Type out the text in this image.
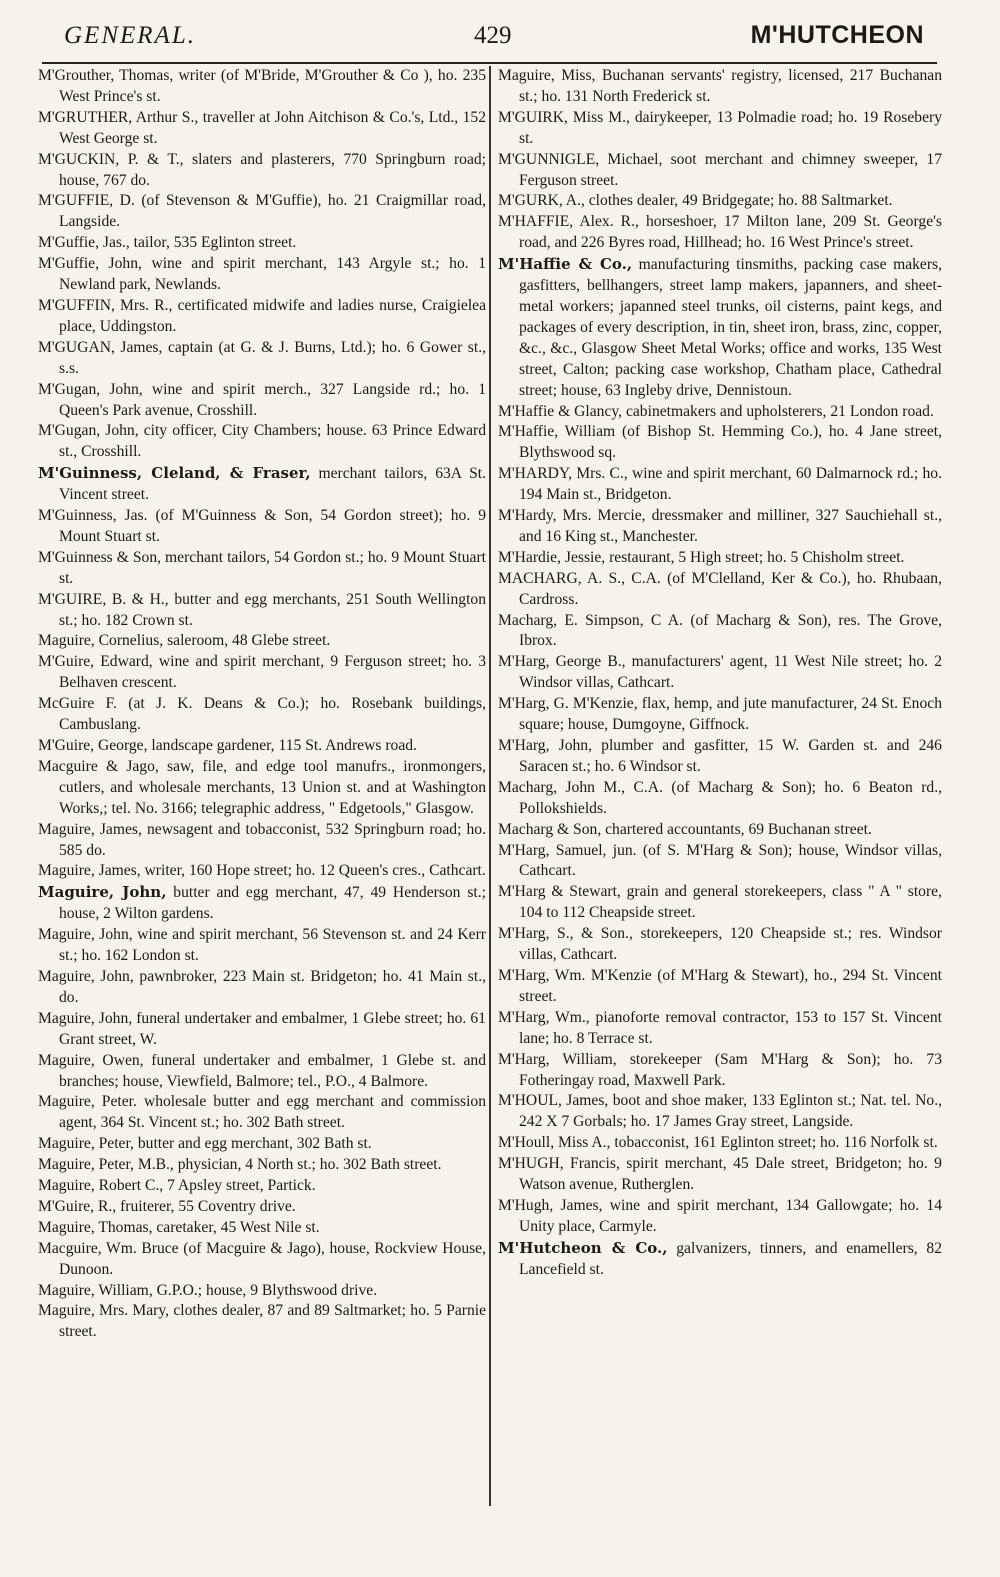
GENERAL.	429	M'HUTCHEON

M'Grouther, Thomas, writer (of M'Bride, M'Grouther & Co ), ho. 235 West Prince's st.

M'GRUTHER, Arthur S., traveller at John Aitchison & Co.'s, Ltd., 152 West George st.

M'GUCKIN, P. & T., slaters and plasterers, 770 Springburn road; house, 767 do.

M'GUFFIE, D. (of Stevenson & M'Guffie), ho. 21 Craigmillar road, Langside.

M'Guffie, Jas., tailor, 535 Eglinton street.

M'Guffie, John, wine and spirit merchant, 143 Argyle st.; ho. 1 Newland park, Newlands.

M'GUFFIN, Mrs. R., certificated midwife and ladies nurse, Craigielea place, Uddingston.

M'GUGAN, James, captain (at G. & J. Burns, Ltd.); ho. 6 Gower st., s.s.

M'Gugan, John, wine and spirit merch., 327 Langside rd.; ho. 1 Queen's Park avenue, Crosshill.

M'Gugan, John, city officer, City Chambers; house. 63 Prince Edward st., Crosshill.

M'Guinness, Cleland, & Fraser, merchant tailors, 63A St. Vincent street.

M'Guinness, Jas. (of M'Guinness & Son, 54 Gordon street); ho. 9 Mount Stuart st.

M'Guinness & Son, merchant tailors, 54 Gordon st.; ho. 9 Mount Stuart st.

M'GUIRE, B. & H., butter and egg merchants, 251 South Wellington st.; ho. 182 Crown st.

Maguire, Cornelius, saleroom, 48 Glebe street.

M'Guire, Edward, wine and spirit merchant, 9 Ferguson street; ho. 3 Belhaven crescent.

McGuire F. (at J. K. Deans & Co.); ho. Rosebank buildings, Cambuslang.

M'Guire, George, landscape gardener, 115 St. Andrews road.

Macguire & Jago, saw, file, and edge tool manufrs., ironmongers, cutlers, and wholesale merchants, 13 Union st. and at Washington Works,; tel. No. 3166; telegraphic address, " Edgetools," Glasgow.

Maguire, James, newsagent and tobacconist, 532 Springburn road; ho. 585 do.

Maguire, James, writer, 160 Hope street; ho. 12 Queen's cres., Cathcart.

Maguire, John, butter and egg merchant, 47, 49 Henderson st.; house, 2 Wilton gardens.

Maguire, John, wine and spirit merchant, 56 Stevenson st. and 24 Kerr st.; ho. 162 London st.

Maguire, John, pawnbroker, 223 Main st. Bridgeton; ho. 41 Main st., do.

Maguire, John, funeral undertaker and embalmer, 1 Glebe street; ho. 61 Grant street, W.

Maguire, Owen, funeral undertaker and embalmer, 1 Glebe st. and branches; house, Viewfield, Balmore; tel., P.O., 4 Balmore.

Maguire, Peter. wholesale butter and egg merchant and commission agent, 364 St. Vincent st.; ho. 302 Bath street.

Maguire, Peter, butter and egg merchant, 302 Bath st.

Maguire, Peter, M.B., physician, 4 North st.; ho. 302 Bath street.

Maguire, Robert C., 7 Apsley street, Partick.

M'Guire, R., fruiterer, 55 Coventry drive.

Maguire, Thomas, caretaker, 45 West Nile st.

Macguire, Wm. Bruce (of Macguire & Jago), house, Rockview House, Dunoon.

Maguire, William, G.P.O.; house, 9 Blythswood drive.

Maguire, Mrs. Mary, clothes dealer, 87 and 89 Saltmarket; ho. 5 Parnie street.

Maguire, Miss, Buchanan servants' registry, licensed, 217 Buchanan st.; ho. 131 North Frederick st.

M'GUIRK, Miss M., dairykeeper, 13 Polmadie road; ho. 19 Rosebery st.

M'GUNNIGLE, Michael, soot merchant and chimney sweeper, 17 Ferguson street.

M'GURK, A., clothes dealer, 49 Bridgegate; ho. 88 Saltmarket.

M'HAFFIE, Alex. R., horseshoer, 17 Milton lane, 209 St. George's road, and 226 Byres road, Hillhead; ho. 16 West Prince's street.

M'Haffie & Co., manufacturing tinsmiths, packing case makers, gasfitters, bellhangers, street lamp makers, japanners, and sheet-metal workers; japanned steel trunks, oil cisterns, paint kegs, and packages of every description, in tin, sheet iron, brass, zinc, copper, &c., &c., Glasgow Sheet Metal Works; office and works, 135 West street, Calton; packing case workshop, Chatham place, Cathedral street; house, 63 Ingleby drive, Dennistoun.

M'Haffie & Glancy, cabinetmakers and upholsterers, 21 London road.

M'Haffie, William (of Bishop St. Hemming Co.), ho. 4 Jane street, Blythswood sq.

M'HARDY, Mrs. C., wine and spirit merchant, 60 Dalmarnock rd.; ho. 194 Main st., Bridgeton.

M'Hardy, Mrs. Mercie, dressmaker and milliner, 327 Sauchiehall st., and 16 King st., Manchester.

M'Hardie, Jessie, restaurant, 5 High street; ho. 5 Chisholm street.

MACHARG, A. S., C.A. (of M'Clelland, Ker & Co.), ho. Rhubaan, Cardross.

Macharg, E. Simpson, C A. (of Macharg & Son), res. The Grove, Ibrox.

M'Harg, George B., manufacturers' agent, 11 West Nile street; ho. 2 Windsor villas, Cathcart.

M'Harg, G. M'Kenzie, flax, hemp, and jute manufacturer, 24 St. Enoch square; house, Dumgoyne, Giffnock.

M'Harg, John, plumber and gasfitter, 15 W. Garden st. and 246 Saracen st.; ho. 6 Windsor st.

Macharg, John M., C.A. (of Macharg & Son); ho. 6 Beaton rd., Pollokshields.

Macharg & Son, chartered accountants, 69 Buchanan street.

M'Harg, Samuel, jun. (of S. M'Harg & Son); house, Windsor villas, Cathcart.

M'Harg & Stewart, grain and general storekeepers, class " A " store, 104 to 112 Cheapside street.

M'Harg, S., & Son., storekeepers, 120 Cheapside st.; res. Windsor villas, Cathcart.

M'Harg, Wm. M'Kenzie (of M'Harg & Stewart), ho., 294 St. Vincent street.

M'Harg, Wm., pianoforte removal contractor, 153 to 157 St. Vincent lane; ho. 8 Terrace st.

M'Harg, William, storekeeper (Sam M'Harg & Son); ho. 73 Fotheringay road, Maxwell Park.

M'HOUL, James, boot and shoe maker, 133 Eglinton st.; Nat. tel. No., 242 X 7 Gorbals; ho. 17 James Gray street, Langside.

M'Houll, Miss A., tobacconist, 161 Eglinton street; ho. 116 Norfolk st.

M'HUGH, Francis, spirit merchant, 45 Dale street, Bridgeton; ho. 9 Watson avenue, Rutherglen.

M'Hugh, James, wine and spirit merchant, 134 Gallowgate; ho. 14 Unity place, Carmyle.

M'Hutcheon & Co., galvanizers, tinners, and enamellers, 82 Lancefield st.
